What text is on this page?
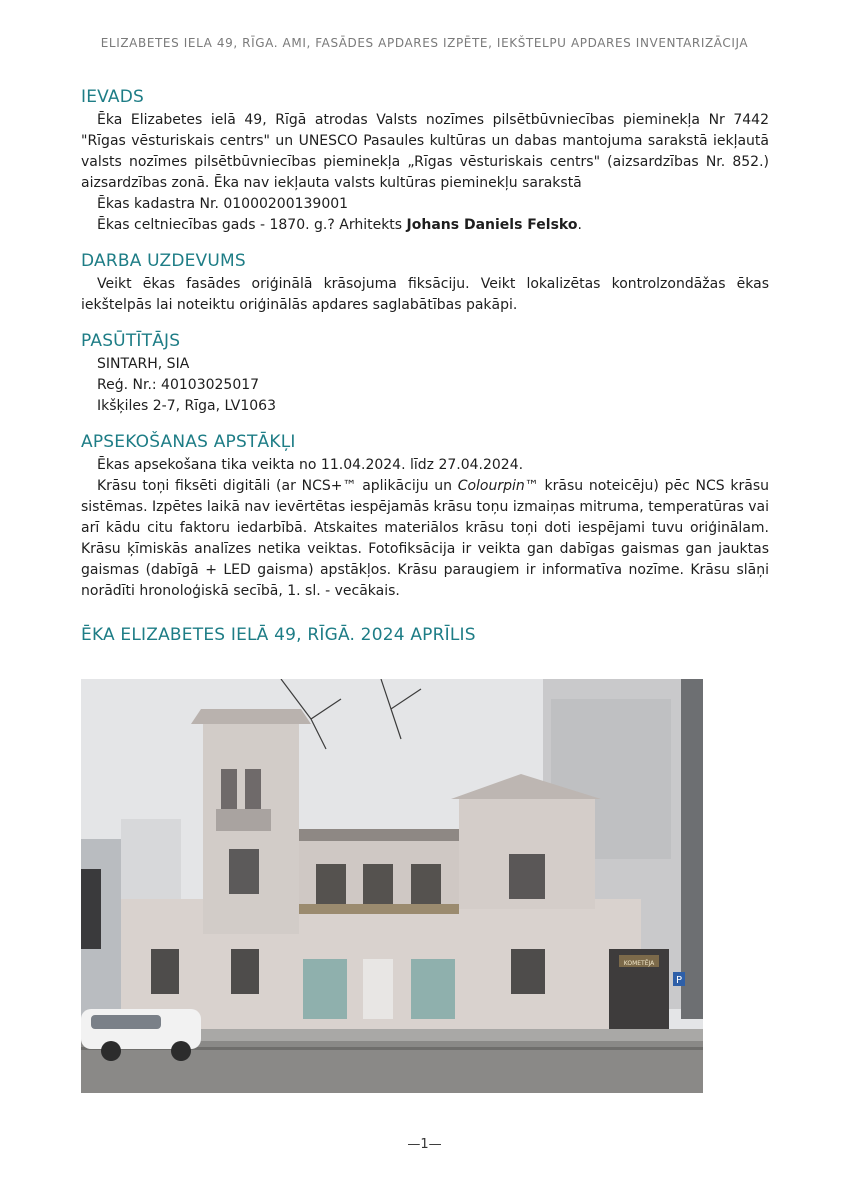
ELIZABETES IELA 49, RĪGA. AMI, FASĀDES APDARES IZPĒTE, IEKŠTELPU APDARES INVENTARIZĀCIJA
IEVADS

Ēka Elizabetes ielā 49, Rīgā atrodas Valsts nozīmes pilsētbūvniecības pieminekļa Nr 7442 "Rīgas vēsturiskais centrs" un UNESCO Pasaules kultūras un dabas mantojuma sarakstā iekļautā valsts nozīmes pilsētbūvniecības pieminekļa „Rīgas vēsturiskais centrs" (aizsardzības Nr. 852.) aizsardzības zonā. Ēka nav iekļauta valsts kultūras pieminekļu sarakstā

Ēkas kadastra Nr. 01000200139001

Ēkas celtniecības gads - 1870. g.? Arhitekts Johans Daniels Felsko.

DARBA UZDEVUMS

Veikt ēkas fasādes oriģinālā krāsojuma fiksāciju. Veikt lokalizētas kontrolzondāžas ēkas iekštelpās lai noteiktu oriģinālās apdares saglabātības pakāpi.

PASŪTĪTĀJS

SINTARH, SIA

Reģ. Nr.: 40103025017

Ikšķiles 2-7, Rīga, LV1063

APSEKOŠANAS APSTĀKĻI

Ēkas apsekošana tika veikta no 11.04.2024. līdz 27.04.2024.

Krāsu toņi fiksēti digitāli (ar NCS+™ aplikāciju un Colourpin™ krāsu noteicēju) pēc NCS krāsu sistēmas. Izpētes laikā nav ievērtētas iespējamās krāsu toņu izmaiņas mitruma, temperatūras vai arī kādu citu faktoru iedarbībā. Atskaites materiālos krāsu toņi doti iespējami tuvu oriģinālam. Krāsu ķīmiskās analīzes netika veiktas. Fotofiksācija ir veikta gan dabīgas gaismas gan jauktas gaismas (dabīgā + LED gaisma) apstākļos. Krāsu paraugiem ir informatīva nozīme. Krāsu slāņi norādīti hronoloģiskā secībā, 1. sl. - vecākais.

ĒKA ELIZABETES IELĀ 49, RĪGĀ. 2024 APRĪLIS
KOMETĒJA
P
—1—
